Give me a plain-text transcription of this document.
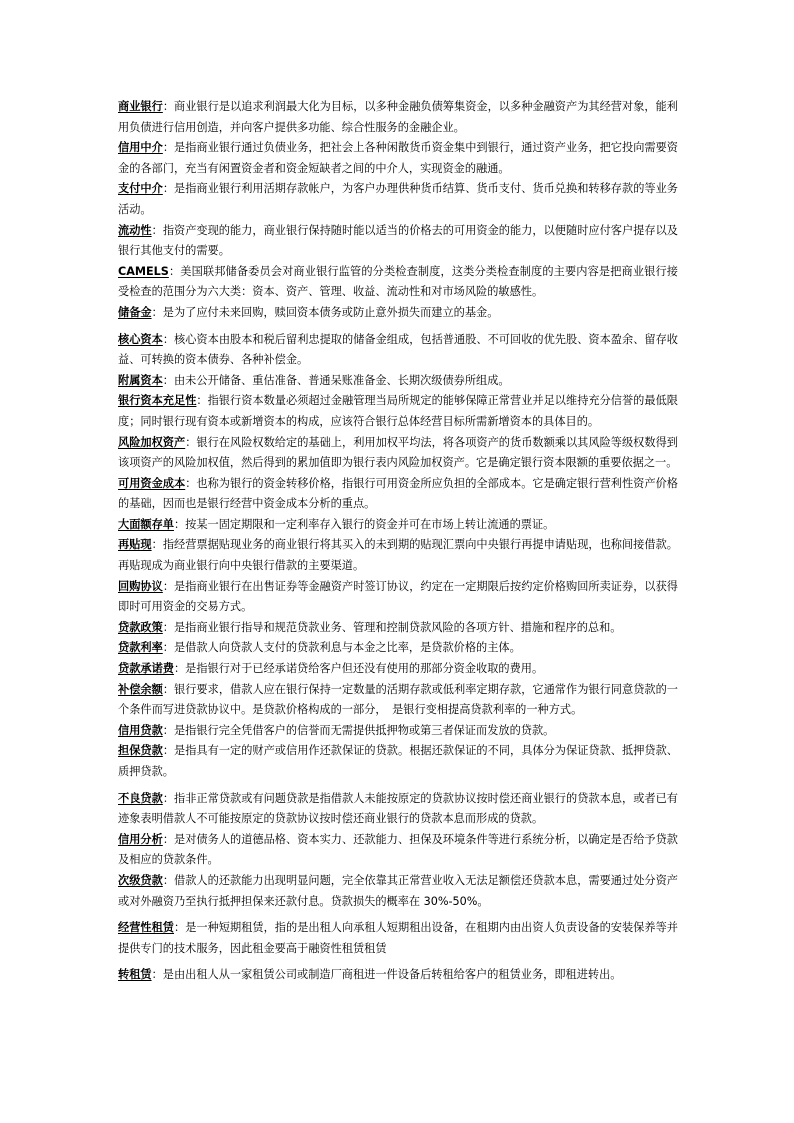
商业银行：商业银行是以追求利润最大化为目标，以多种金融负债筹集资金，以多种金融资产为其经营对象，能利用负债进行信用创造，并向客户提供多功能、综合性服务的金融企业。

信用中介：是指商业银行通过负债业务，把社会上各种闲散货币资金集中到银行，通过资产业务，把它投向需要资金的各部门，充当有闲置资金者和资金短缺者之间的中介人，实现资金的融通。

支付中介：是指商业银行利用活期存款帐户，为客户办理供种货币结算、货币支付、货币兑换和转移存款的等业务活动。

流动性：指资产变现的能力，商业银行保持随时能以适当的价格去的可用资金的能力，以便随时应付客户提存以及银行其他支付的需要。

CAMELS：美国联邦储备委员会对商业银行监管的分类检查制度，这类分类检查制度的主要内容是把商业银行接受检查的范围分为六大类：资本、资产、管理、收益、流动性和对市场风险的敏感性。

储备金：是为了应付未来回购，赎回资本债务或防止意外损失而建立的基金。

核心资本：核心资本由股本和税后留利忠提取的储备金组成，包括普通股、不可回收的优先股、资本盈余、留存收益、可转换的资本债券、各种补偿金。

附属资本：由未公开储备、重估准备、普通呆账准备金、长期次级债券所组成。

银行资本充足性：指银行资本数量必须超过金融管理当局所规定的能够保障正常营业并足以维持充分信誉的最低限度；同时银行现有资本或新增资本的构成，应该符合银行总体经营目标所需新增资本的具体目的。

风险加权资产：银行在风险权数给定的基础上，利用加权平均法，将各项资产的货币数额乘以其风险等级权数得到该项资产的风险加权值，然后得到的累加值即为银行表内风险加权资产。它是确定银行资本限额的重要依据之一。

可用资金成本：也称为银行的资金转移价格，指银行可用资金所应负担的全部成本。它是确定银行营利性资产价格的基础，因而也是银行经营中资金成本分析的重点。

大面额存单：按某一固定期限和一定利率存入银行的资金并可在市场上转让流通的票证。

再贴现：指经营票据贴现业务的商业银行将其买入的未到期的贴现汇票向中央银行再提申请贴现，也称间接借款。再贴现成为商业银行向中央银行借款的主要渠道。

回购协议：是指商业银行在出售证券等金融资产时签订协议，约定在一定期限后按约定价格购回所卖证券，以获得即时可用资金的交易方式。

贷款政策：是指商业银行指导和规范贷款业务、管理和控制贷款风险的各项方针、措施和程序的总和。

贷款利率：是借款人向贷款人支付的贷款利息与本金之比率，是贷款价格的主体。

贷款承诺费：是指银行对于已经承诺贷给客户但还没有使用的那部分资金收取的费用。

补偿余额：银行要求，借款人应在银行保持一定数量的活期存款或低利率定期存款，它通常作为银行同意贷款的一个条件而写进贷款协议中。是贷款价格构成的一部分，　是银行变相提高贷款利率的一种方式。

信用贷款：是指银行完全凭借客户的信誉而无需提供抵押物或第三者保证而发放的贷款。

担保贷款：是指具有一定的财产或信用作还款保证的贷款。根据还款保证的不同，具体分为保证贷款、抵押贷款、质押贷款。

不良贷款：指非正常贷款或有问题贷款是指借款人未能按原定的贷款协议按时偿还商业银行的贷款本息，或者已有迹象表明借款人不可能按原定的贷款协议按时偿还商业银行的贷款本息而形成的贷款。

信用分析：是对债务人的道德品格、资本实力、还款能力、担保及环境条件等进行系统分析，以确定是否给予贷款及相应的贷款条件。

次级贷款：借款人的还款能力出现明显问题，完全依靠其正常营业收入无法足额偿还贷款本息，需要通过处分资产或对外融资乃至执行抵押担保来还款付息。贷款损失的概率在 30%-50%。

经营性租赁：是一种短期租赁，指的是出租人向承租人短期租出设备，在租期内由出资人负责设备的安装保养等并提供专门的技术服务，因此租金要高于融资性租赁租赁

转租赁：是由出租人从一家租赁公司或制造厂商租进一件设备后转租给客户的租赁业务，即租进转出。
